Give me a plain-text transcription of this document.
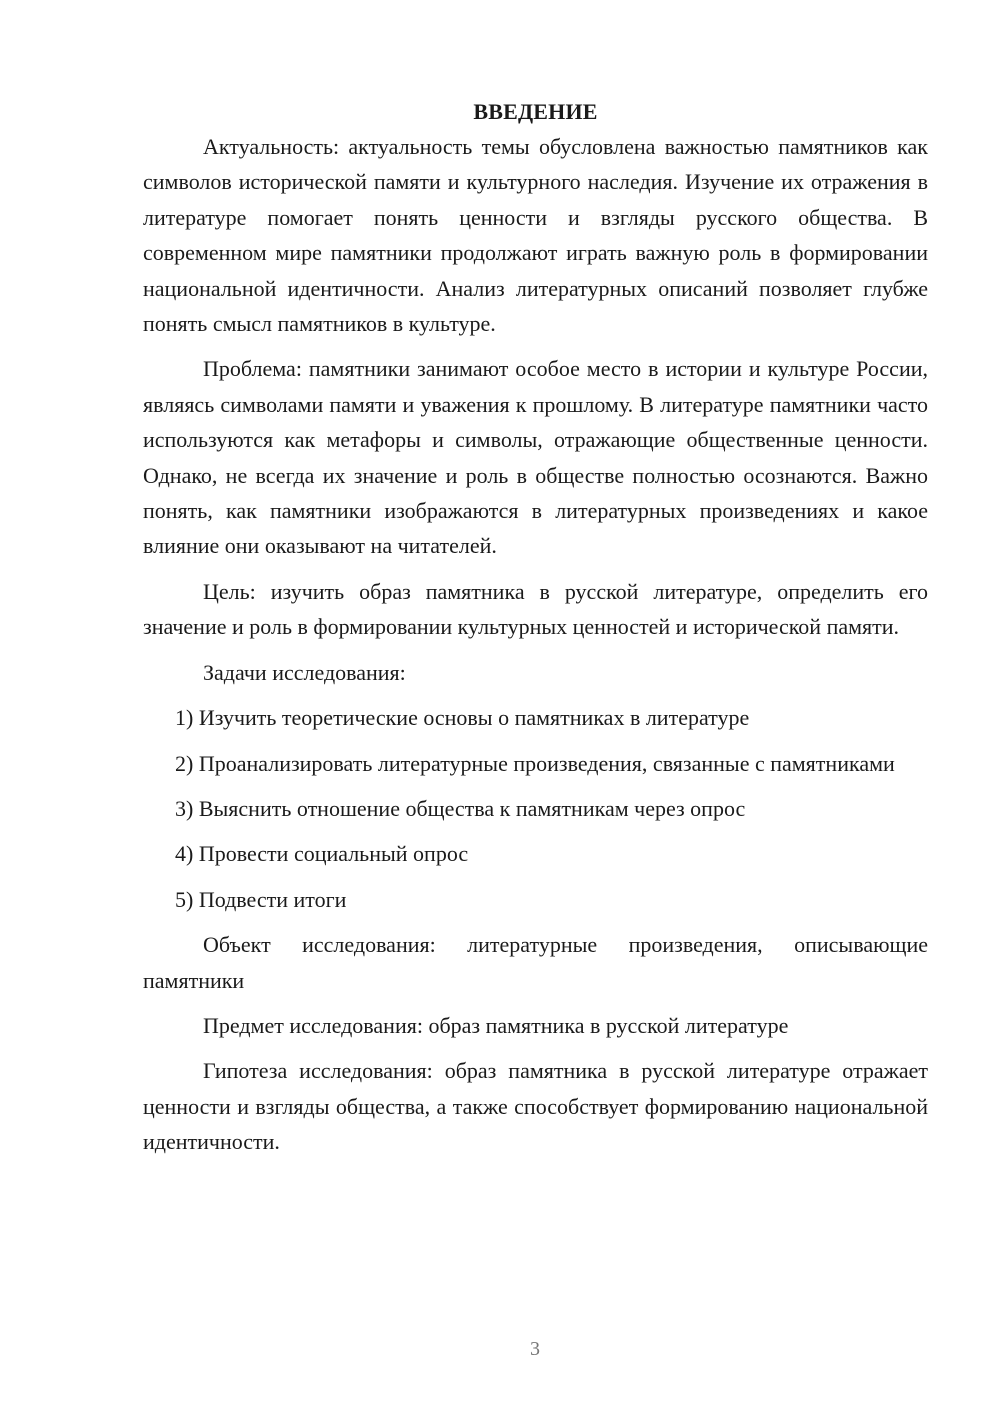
ВВЕДЕНИЕ

Актуальность: актуальность темы обусловлена важностью памятников как символов исторической памяти и культурного наследия. Изучение их отражения в литературе помогает понять ценности и взгляды русского общества. В современном мире памятники продолжают играть важную роль в формировании национальной идентичности. Анализ литературных описаний позволяет глубже понять смысл памятников в культуре.

Проблема: памятники занимают особое место в истории и культуре России, являясь символами памяти и уважения к прошлому. В литературе памятники часто используются как метафоры и символы, отражающие общественные ценности. Однако, не всегда их значение и роль в обществе полностью осознаются. Важно понять, как памятники изображаются в литературных произведениях и какое влияние они оказывают на читателей.

Цель: изучить образ памятника в русской литературе, определить его значение и роль в формировании культурных ценностей и исторической памяти.

Задачи исследования:

1) Изучить теоретические основы о памятниках в литературе

2) Проанализировать литературные произведения, связанные с памятниками

3) Выяснить отношение общества к памятникам через опрос

4) Провести социальный опрос

5) Подвести итоги

Объект исследования: литературные произведения, описывающие памятники

Предмет исследования: образ памятника в русской литературе

Гипотеза исследования: образ памятника в русской литературе отражает ценности и взгляды общества, а также способствует формированию национальной идентичности.

3
